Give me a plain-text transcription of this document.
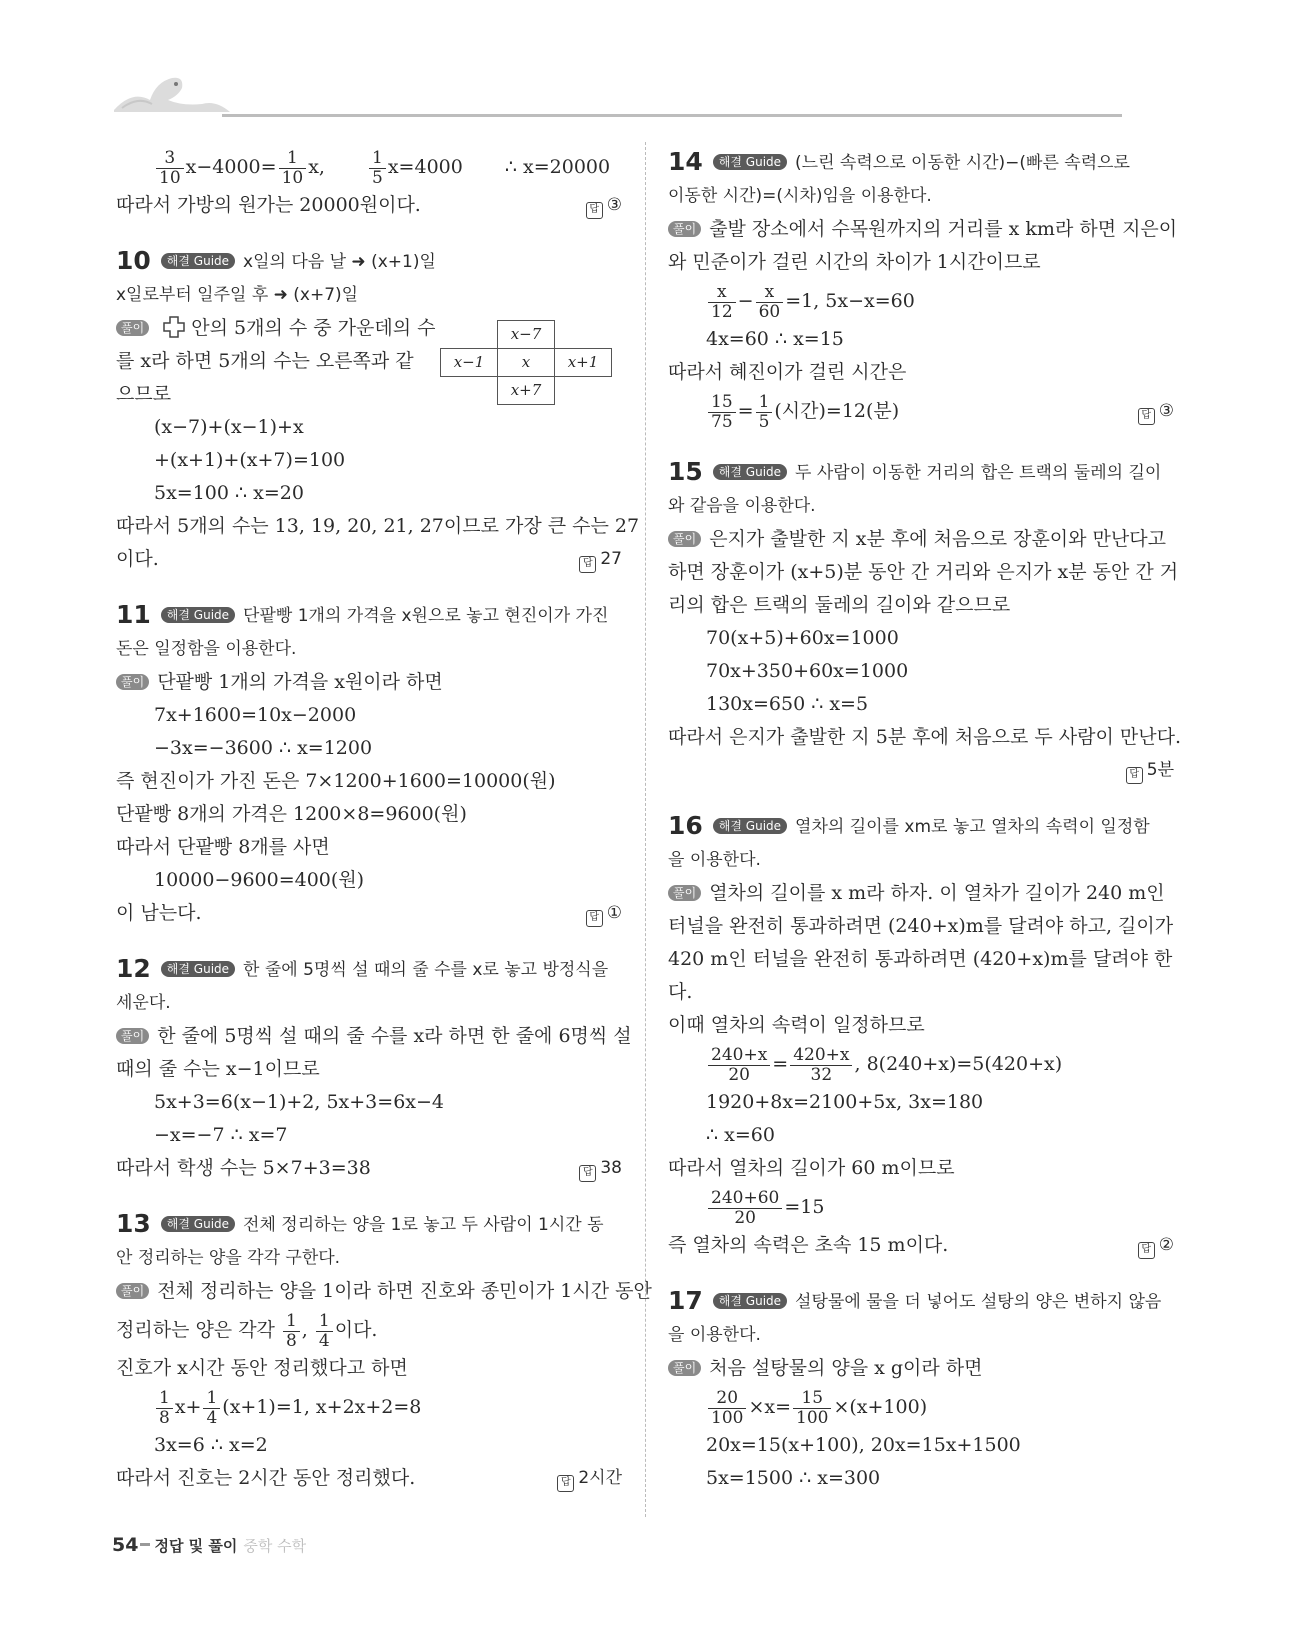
$\frac{3}{10} x-4000= \frac{1}{10} x$,	$\frac{1}{5} x=4000$ ∴ x=20000
따라서 가방의 원가는 20000원이다.	답 ③
10 해결 Guide x일의 다음 날 ➜ (x+1)일
x일로부터 일주일 후 ➜ (x+7)일
x−7
x−1	x	x+1
x+7
풀이 안의 5개의 수 중 가운데의 수
를 x라 하면 5개의 수는 오른쪽과 같
으므로
(x−7)+(x−1)+x
+(x+1)+(x+7)=100
5x=100 ∴ x=20
따라서 5개의 수는 13, 19, 20, 21, 27이므로 가장 큰 수는 27
이다.	답 27
11 해결 Guide 단팥빵 1개의 가격을 x원으로 놓고 현진이가 가진
돈은 일정함을 이용한다.
풀이 단팥빵 1개의 가격을 x원이라 하면
7x+1600=10x−2000
−3x=−3600 ∴ x=1200
즉 현진이가 가진 돈은 7×1200+1600=10000(원)
단팥빵 8개의 가격은 1200×8=9600(원)
따라서 단팥빵 8개를 사면
10000−9600=400(원)
이 남는다.	답 ①
12 해결 Guide 한 줄에 5명씩 설 때의 줄 수를 x로 놓고 방정식을
세운다.
풀이 한 줄에 5명씩 설 때의 줄 수를 x라 하면 한 줄에 6명씩 설
때의 줄 수는 x−1이므로
5x+3=6(x−1)+2, 5x+3=6x−4
−x=−7 ∴ x=7
따라서 학생 수는 5×7+3=38	답 38
13 해결 Guide 전체 정리하는 양을 1로 놓고 두 사람이 1시간 동
안 정리하는 양을 각각 구한다.
풀이 전체 정리하는 양을 1이라 하면 진호와 종민이가 1시간 동안
정리하는 양은 각각 $\frac{1}{8}$ , $\frac{1}{4}$ 이다.
진호가 x시간 동안 정리했다고 하면
$\frac{1}{8} x+ \frac{1}{4} (x+1)=1$, x+2x+2=8
3x=6 ∴ x=2
따라서 진호는 2시간 동안 정리했다.	답 2시간
14 해결 Guide (느린 속력으로 이동한 시간)−(빠른 속력으로
이동한 시간)=(시차)임을 이용한다.
풀이 출발 장소에서 수목원까지의 거리를 x km라 하면 지은이
와 민준이가 걸린 시간의 차이가 1시간이므로
$\frac{x}{12} - \frac{x}{60} =1$, 5x−x=60
4x=60 ∴ x=15
따라서 혜진이가 걸린 시간은
$\frac{15}{75} = \frac{1}{5}$ (시간)=12(분)	답 ③
15 해결 Guide 두 사람이 이동한 거리의 합은 트랙의 둘레의 길이
와 같음을 이용한다.
풀이 은지가 출발한 지 x분 후에 처음으로 장훈이와 만난다고
하면 장훈이가 (x+5)분 동안 간 거리와 은지가 x분 동안 간 거
리의 합은 트랙의 둘레의 길이와 같으므로
70(x+5)+60x=1000
70x+350+60x=1000
130x=650 ∴ x=5
따라서 은지가 출발한 지 5분 후에 처음으로 두 사람이 만난다.
답 5분
16 해결 Guide 열차의 길이를 xm로 놓고 열차의 속력이 일정함
을 이용한다.
풀이 열차의 길이를 x m라 하자. 이 열차가 길이가 240 m인
터널을 완전히 통과하려면 (240+x)m를 달려야 하고, 길이가
420 m인 터널을 완전히 통과하려면 (420+x)m를 달려야 한
다.
이때 열차의 속력이 일정하므로
$\frac{240+x}{20} = \frac{420+x}{32}$ , 8(240+x)=5(420+x)
1920+8x=2100+5x, 3x=180
∴ x=60
따라서 열차의 길이가 60 m이므로
$\frac{240+60}{20} =15$
즉 열차의 속력은 초속 15 m이다.	답 ②
17 해결 Guide 설탕물에 물을 더 넣어도 설탕의 양은 변하지 않음
을 이용한다.
풀이 처음 설탕물의 양을 x g이라 하면
$\frac{20}{100} \times x= \frac{15}{100} \times(x+100)$
20x=15(x+100), 20x=15x+1500
5x=1500 ∴ x=300
54 정답 및 풀이 중학 수학
